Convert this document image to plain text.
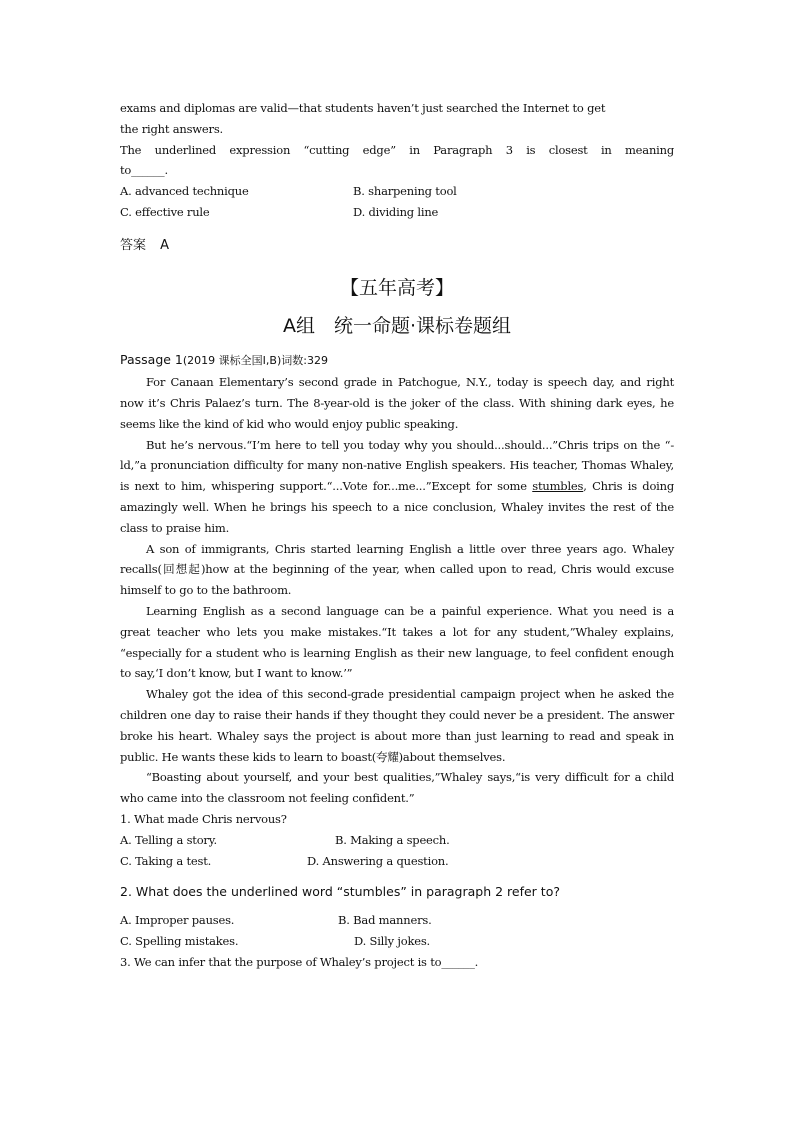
exams and diplomas are valid—that students haven’t just searched the Internet to get
the right answers.
The underlined expression “cutting edge” in Paragraph 3 is closest in meaning
to______.
A. advanced technique	B. sharpening tool
C. effective rule	D. dividing line
答案 A
【五年高考】
A组　统一命题·课标卷题组
Passage 1(2019 课标全国Ⅰ,B)词数:329

For Canaan Elementary’s second grade in Patchogue, N.Y., today is speech day, and right now it’s Chris Palaez’s turn. The 8-year-old is the joker of the class. With shining dark eyes, he seems like the kind of kid who would enjoy public speaking.

But he’s nervous.“I’m here to tell you today why you should...should...”Chris trips on the “-ld,”a pronunciation difficulty for many non-native English speakers. His teacher, Thomas Whaley, is next to him, whispering support.“...Vote for...me...”Except for some stumbles, Chris is doing amazingly well. When he brings his speech to a nice conclusion, Whaley invites the rest of the class to praise him.

A son of immigrants, Chris started learning English a little over three years ago. Whaley recalls(回想起)how at the beginning of the year, when called upon to read, Chris would excuse himself to go to the bathroom.

Learning English as a second language can be a painful experience. What you need is a great teacher who lets you make mistakes.“It takes a lot for any student,”Whaley explains, “especially for a student who is learning English as their new language, to feel confident enough to say,‘I don’t know, but I want to know.’”

Whaley got the idea of this second-grade presidential campaign project when he asked the children one day to raise their hands if they thought they could never be a president. The answer broke his heart. Whaley says the project is about more than just learning to read and speak in public. He wants these kids to learn to boast(夸耀)about themselves.

“Boasting about yourself, and your best qualities,”Whaley says,“is very difficult for a child who came into the classroom not feeling confident.”

1. What made Chris nervous?
A. Telling a story.	B. Making a speech.
C. Taking a test.	D. Answering a question.
2. What does the underlined word “stumbles” in paragraph 2 refer to?
A. Improper pauses.	B. Bad manners.
C. Spelling mistakes.	D. Silly jokes.
3. We can infer that the purpose of Whaley’s project is to______.
